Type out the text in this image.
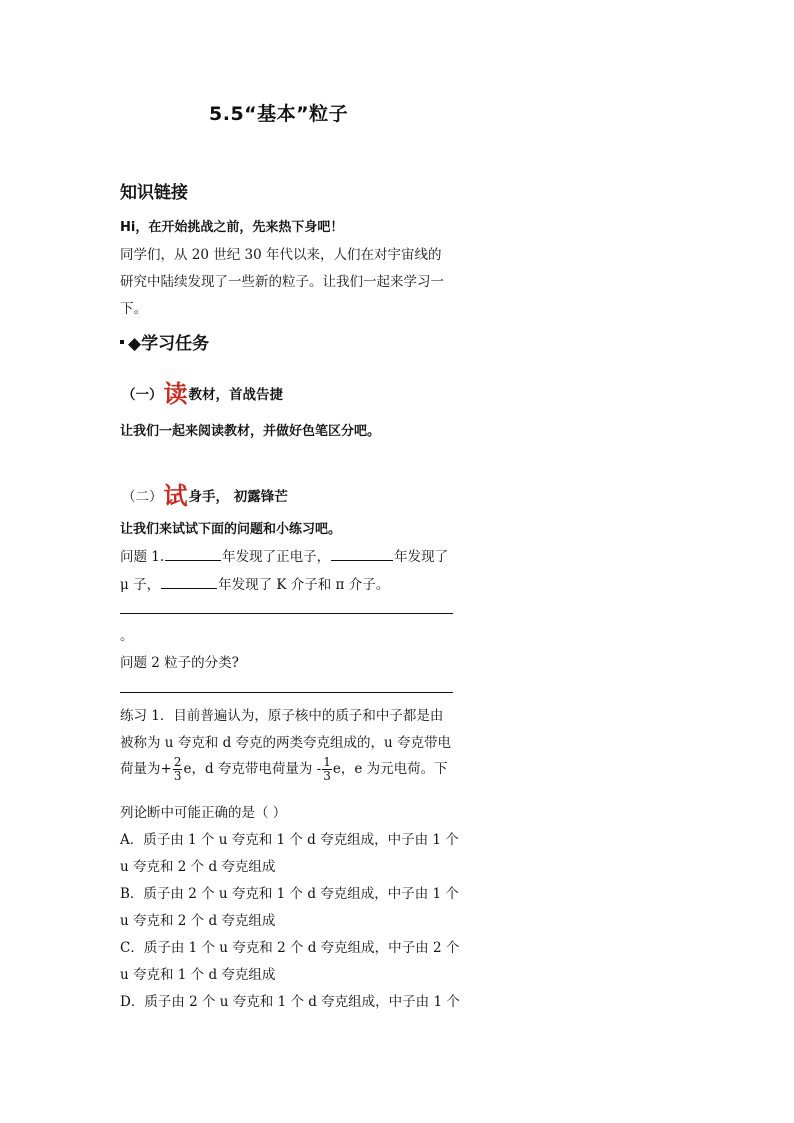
5.5“基本”粒子
知识链接
Hi，在开始挑战之前，先来热下身吧！
同学们，从 20 世纪 30 年代以来，人们在对宇宙线的
研究中陆续发现了一些新的粒子。让我们一起来学习一
下。
◆学习任务
（一）读教材，首战告捷
让我们一起来阅读教材，并做好色笔区分吧。
（二）试身手， 初露锋芒
让我们来试试下面的问题和小练习吧。
问题 1.	年发现了正电子，	年发现了
μ 子，	年发现了 K 介子和 π 介子。
。
问题 2 粒子的分类?
练习 1．目前普遍认为，原子核中的质子和中子都是由
被称为 u 夸克和 d 夸克的两类夸克组成的，u 夸克带电
荷量为+ $\frac{2}{3}$ e，d 夸克带电荷量为 - $\frac{1}{3}$ e，e 为元电荷。下
列论断中可能正确的是（ ）
A．质子由 1 个 u 夸克和 1 个 d 夸克组成，中子由 1 个
u 夸克和 2 个 d 夸克组成
B．质子由 2 个 u 夸克和 1 个 d 夸克组成，中子由 1 个
u 夸克和 2 个 d 夸克组成
C．质子由 1 个 u 夸克和 2 个 d 夸克组成，中子由 2 个
u 夸克和 1 个 d 夸克组成
D．质子由 2 个 u 夸克和 1 个 d 夸克组成，中子由 1 个
